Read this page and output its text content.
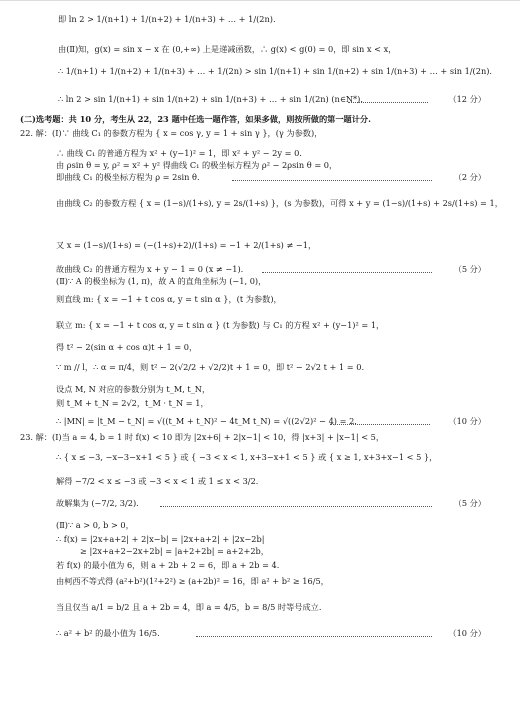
即 ln 2 > 1/(n+1) + 1/(n+2) + 1/(n+3) + … + 1/(2n).
由(Ⅱ)知，g(x) = sin x − x 在 (0,+∞) 上是递减函数，∴ g(x) < g(0) = 0，即 sin x < x，
∴ 1/(n+1) + 1/(n+2) + 1/(n+3) + … + 1/(2n) > sin 1/(n+1) + sin 1/(n+2) + sin 1/(n+3) + … + sin 1/(2n).
∴ ln 2 > sin 1/(n+1) + sin 1/(n+2) + sin 1/(n+3) + … + sin 1/(2n) (n∈N*).	（12 分）
(二)选考题：共 10 分，考生从 22，23 题中任选一题作答，如果多做，则按所做的第一题计分.
22. 解：(Ⅰ)∵ 曲线 C₁ 的参数方程为 { x = cos γ, y = 1 + sin γ }，(γ 为参数)，
∴ 曲线 C₁ 的普通方程为 x² + (y−1)² = 1，即 x² + y² − 2y = 0.
由 ρsin θ = y, ρ² = x² + y² 得曲线 C₁ 的极坐标方程为 ρ² − 2ρsin θ = 0，
即曲线 C₁ 的极坐标方程为 ρ = 2sin θ.	（2 分）
由曲线 C₂ 的参数方程 { x = (1−s)/(1+s), y = 2s/(1+s) }，(s 为参数)，可得 x + y = (1−s)/(1+s) + 2s/(1+s) = 1，
又 x = (1−s)/(1+s) = (−(1+s)+2)/(1+s) = −1 + 2/(1+s) ≠ −1，
故曲线 C₂ 的普通方程为 x + y − 1 = 0 (x ≠ −1).	（5 分）
(Ⅱ)∵ A 的极坐标为 (1, π)，故 A 的直角坐标为 (−1, 0)，
则直线 m: { x = −1 + t cos α, y = t sin α }，(t 为参数)，
联立 m: { x = −1 + t cos α, y = t sin α } (t 为参数) 与 C₁ 的方程 x² + (y−1)² = 1，
得 t² − 2(sin α + cos α)t + 1 = 0，
∵ m // l，∴ α = π/4，则 t² − 2(√2/2 + √2/2)t + 1 = 0，即 t² − 2√2 t + 1 = 0.
设点 M, N 对应的参数分别为 t_M, t_N，
则 t_M + t_N = 2√2，t_M · t_N = 1，
∴ |MN| = |t_M − t_N| = √((t_M + t_N)² − 4t_M t_N) = √((2√2)² − 4) = 2.	（10 分）
23. 解：(Ⅰ)当 a = 4, b = 1 时 f(x) < 10 即为 |2x+6| + 2|x−1| < 10，得 |x+3| + |x−1| < 5，
∴ { x ≤ −3, −x−3−x+1 < 5 } 或 { −3 < x < 1, x+3−x+1 < 5 } 或 { x ≥ 1, x+3+x−1 < 5 }，
解得 −7/2 < x ≤ −3 或 −3 < x < 1 或 1 ≤ x < 3/2.
故解集为 (−7/2, 3/2).	（5 分）
(Ⅱ)∵ a > 0, b > 0，
∴ f(x) = |2x+a+2| + 2|x−b| = |2x+a+2| + |2x−2b|
≥ |2x+a+2−2x+2b| = |a+2+2b| = a+2+2b，
若 f(x) 的最小值为 6，则 a + 2b + 2 = 6，即 a + 2b = 4.
由柯西不等式得 (a²+b²)(1²+2²) ≥ (a+2b)² = 16，即 a² + b² ≥ 16/5，
当且仅当 a/1 = b/2 且 a + 2b = 4，即 a = 4/5，b = 8/5 时等号成立.
∴ a² + b² 的最小值为 16/5.	（10 分）
